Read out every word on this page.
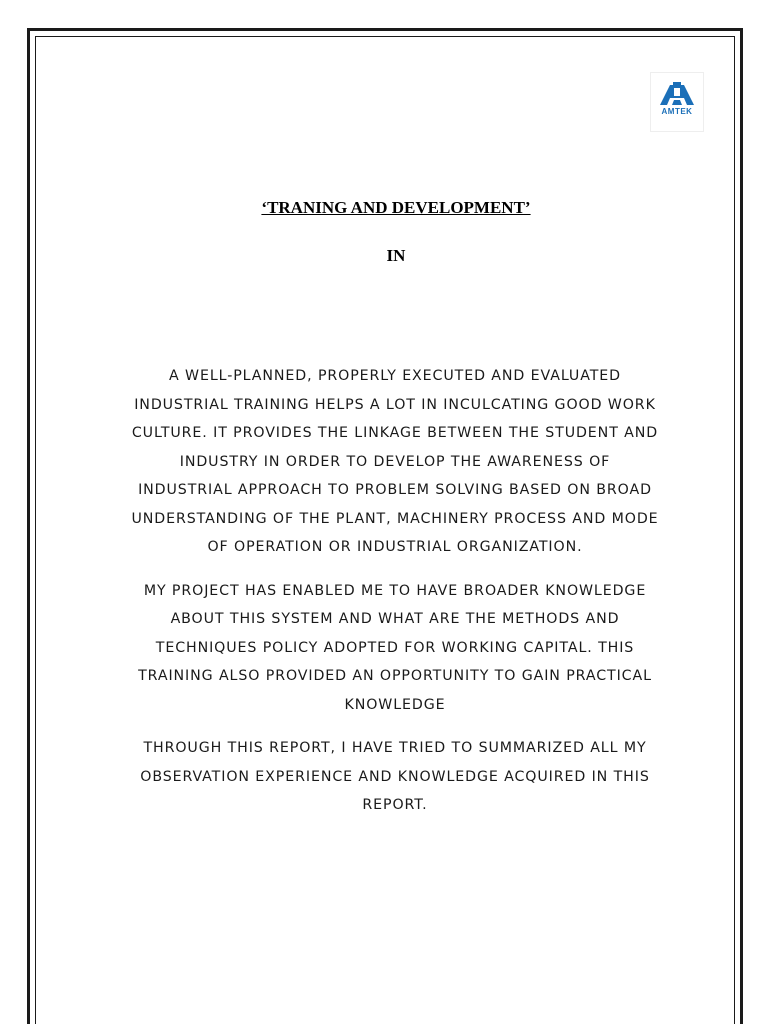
AMTEK
‘TRANING AND DEVELOPMENT’
IN

A WELL-PLANNED, PROPERLY EXECUTED AND EVALUATED INDUSTRIAL TRAINING HELPS A LOT IN INCULCATING GOOD WORK CULTURE. IT PROVIDES THE LINKAGE BETWEEN THE STUDENT AND INDUSTRY IN ORDER TO DEVELOP THE AWARENESS OF INDUSTRIAL APPROACH TO PROBLEM SOLVING BASED ON BROAD UNDERSTANDING OF THE PLANT, MACHINERY PROCESS AND MODE OF OPERATION OR INDUSTRIAL ORGANIZATION.

MY PROJECT HAS ENABLED ME TO HAVE BROADER KNOWLEDGE ABOUT THIS SYSTEM AND WHAT ARE THE METHODS AND TECHNIQUES POLICY ADOPTED FOR WORKING CAPITAL. THIS TRAINING ALSO PROVIDED AN OPPORTUNITY TO GAIN PRACTICAL KNOWLEDGE

THROUGH THIS REPORT, I HAVE TRIED TO SUMMARIZED ALL MY OBSERVATION EXPERIENCE AND KNOWLEDGE ACQUIRED IN THIS REPORT.
